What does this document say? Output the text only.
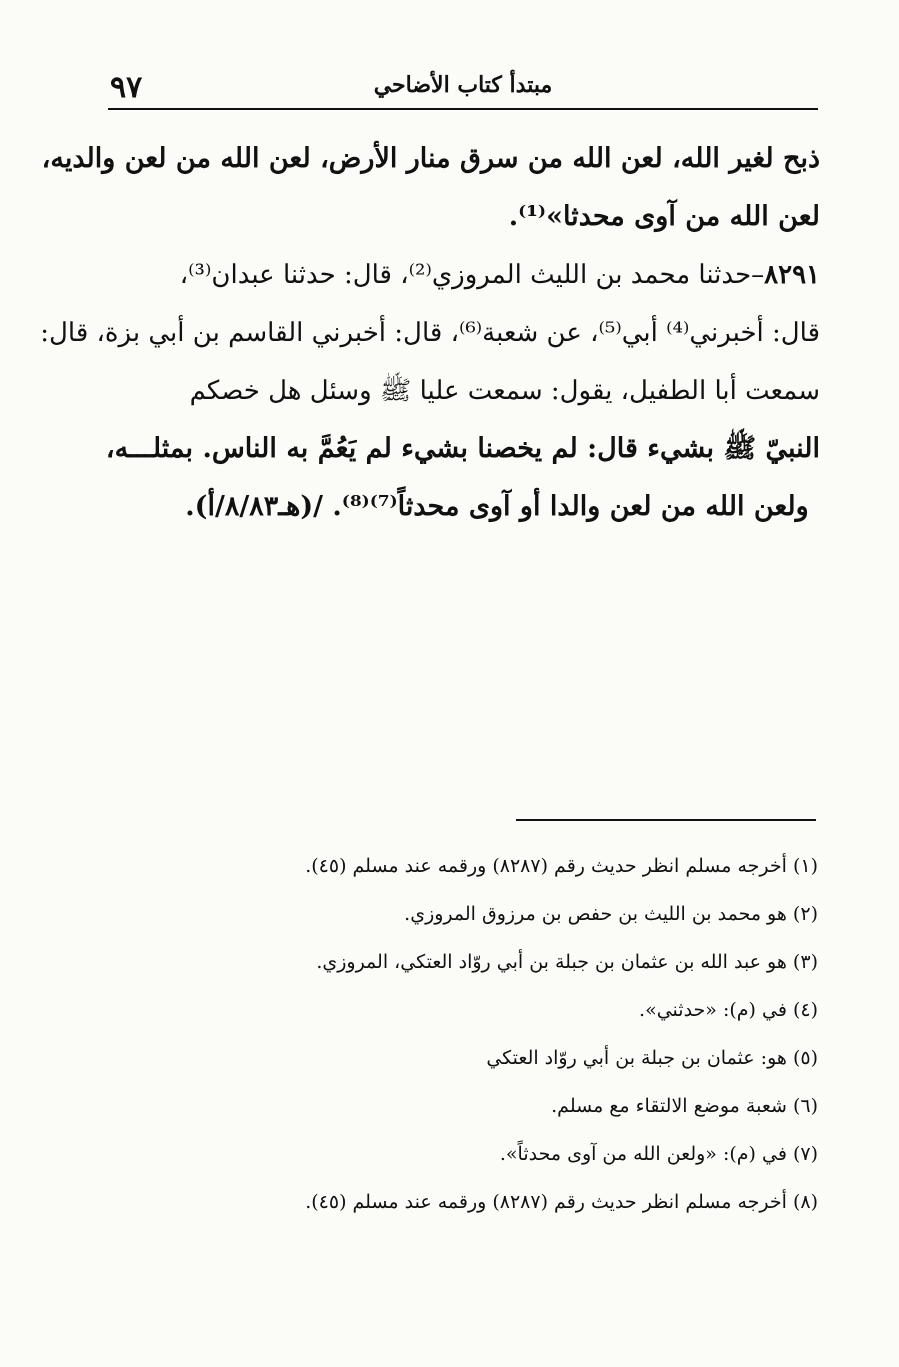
٩٧	مبتدأ كتاب الأضاحي
ذبح لغير الله، لعن الله من سرق منار الأرض، لعن الله من لعن والديه،
لعن الله من آوى محدثا»⁽¹⁾.
٨٢٩١–حدثنا محمد بن الليث المروزي⁽²⁾، قال: حدثنا عبدان⁽³⁾،
قال: أخبرني⁽⁴⁾ أبي⁽⁵⁾، عن شعبة⁽⁶⁾، قال: أخبرني القاسم بن أبي بزة، قال:
سمعت أبا الطفيل، يقول: سمعت عليا ﷺ وسئل هل خصكم
النبيّ ﷺ بشيء قال: لم يخصنا بشيء لم يَعُمَّ به الناس. بمثلـــه،
ولعن الله من لعن والدا أو آوى محدثاً⁽⁷⁾⁽⁸⁾. /(هـ٨/٨٣/أ).
(١) أخرجه مسلم انظر حديث رقم (٨٢٨٧) ورقمه عند مسلم (٤٥).
(٢) هو محمد بن الليث بن حفص بن مرزوق المروزي.
(٣) هو عبد الله بن عثمان بن جبلة بن أبي روّاد العتكي، المروزي.
(٤) في (م): «حدثني».
(٥) هو: عثمان بن جبلة بن أبي روّاد العتكي
(٦) شعبة موضع الالتقاء مع مسلم.
(٧) في (م): «ولعن الله من آوى محدثاً».
(٨) أخرجه مسلم انظر حديث رقم (٨٢٨٧) ورقمه عند مسلم (٤٥).
